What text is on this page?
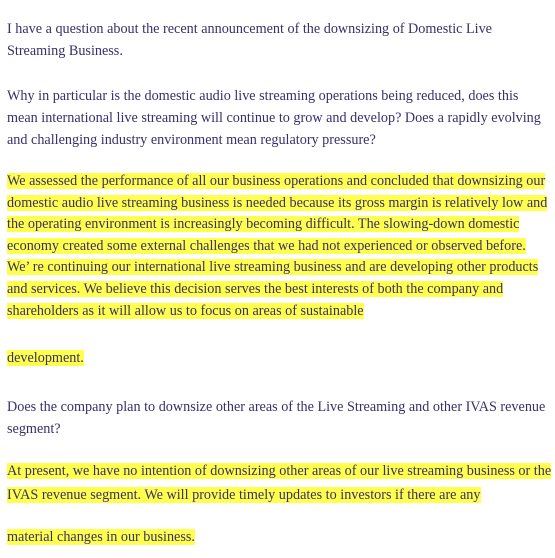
I have a question about the recent announcement of the downsizing of Domestic Live Streaming Business.

Why in particular is the domestic audio live streaming operations being reduced, does this mean international live streaming will continue to grow and develop? Does a rapidly evolving and challenging industry environment mean regulatory pressure?

We assessed the performance of all our business operations and concluded that downsizing our domestic audio live streaming business is needed because its gross margin is relatively low and the operating environment is increasingly becoming difficult. The slowing-down domestic economy created some external challenges that we had not experienced or observed before. We’ re continuing our international live streaming business and are developing other products and services. We believe this decision serves the best interests of both the company and shareholders as it will allow us to focus on areas of sustainable

development.

Does the company plan to downsize other areas of the Live Streaming and other IVAS revenue segment?

At present, we have no intention of downsizing other areas of our live streaming business or the IVAS revenue segment. We will provide timely updates to investors if there are any

material changes in our business.
